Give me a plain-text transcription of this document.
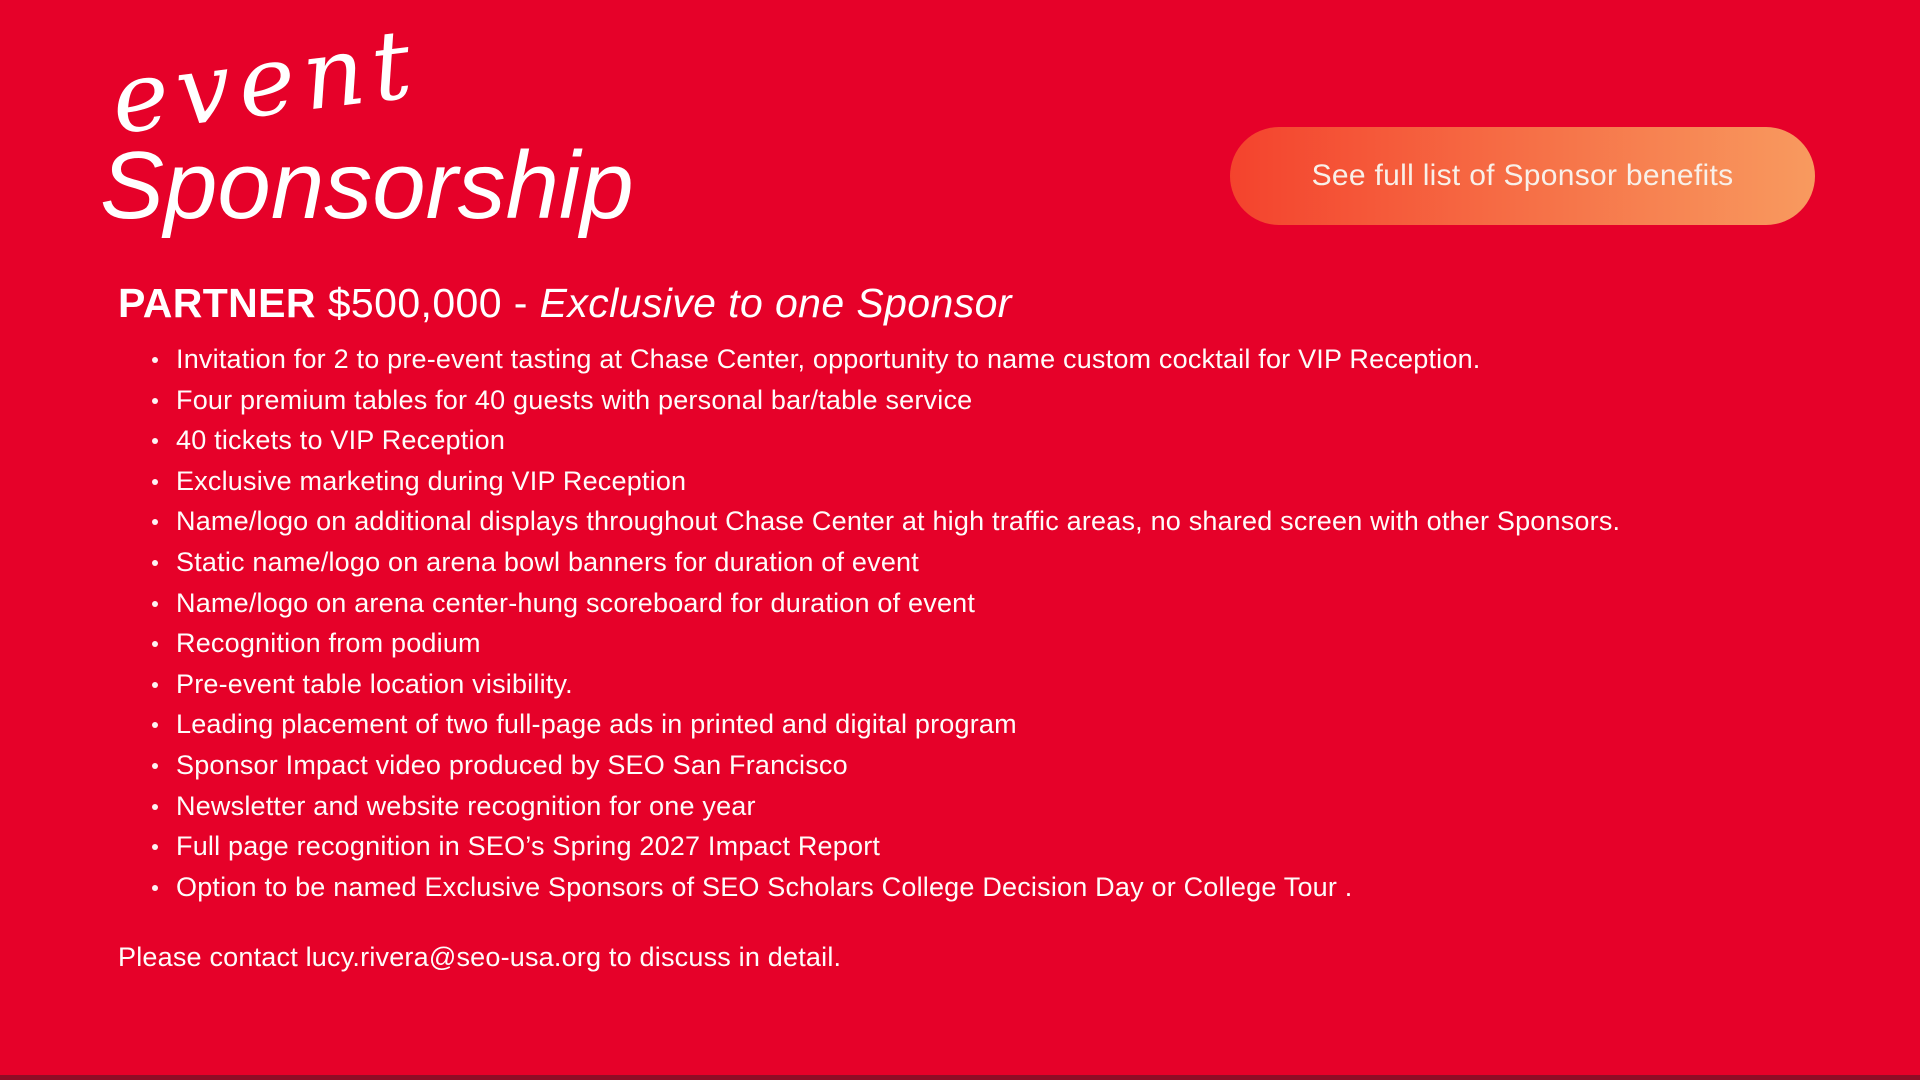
event
Sponsorship	See full list of Sponsor benefits
PARTNER $500,000 - Exclusive to one Sponsor
Invitation for 2 to pre-event tasting at Chase Center, opportunity to name custom cocktail for VIP Reception.
Four premium tables for 40 guests with personal bar/table service
40 tickets to VIP Reception
Exclusive marketing during VIP Reception
Name/logo on additional displays throughout Chase Center at high traffic areas, no shared screen with other Sponsors.
Static name/logo on arena bowl banners for duration of event
Name/logo on arena center-hung scoreboard for duration of event
Recognition from podium
Pre-event table location visibility.
Leading placement of two full-page ads in printed and digital program
Sponsor Impact video produced by SEO San Francisco
Newsletter and website recognition for one year
Full page recognition in SEO’s Spring 2027 Impact Report
Option to be named Exclusive Sponsors of SEO Scholars College Decision Day or College Tour .

Please contact lucy.rivera@seo-usa.org to discuss in detail.
